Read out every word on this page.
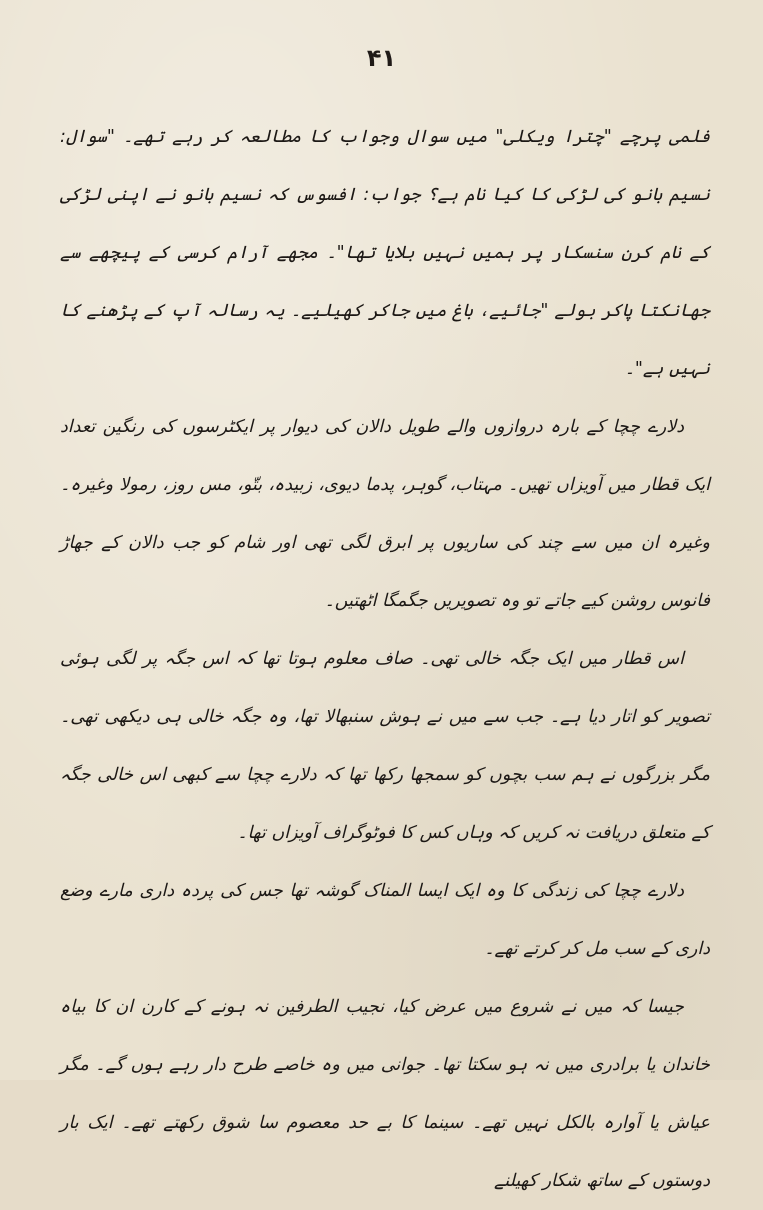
۴۱

فلمی پرچے "چترا ویکلی" میں سوال وجواب کا مطالعہ کر رہے تھے۔ "سوال: نسیم بانو کی لڑکی کا کیا نام ہے؟ جواب: افسوس کہ نسیم بانو نے اپنی لڑکی کے نام کرن سنسکار پر ہمیں نہیں بلایا تھا"۔ مجھے آرام کرسی کے پیچھے سے جھانکتا پاکر بولے "جائیے، باغ میں جاکر کھیلیے۔ یہ رسالہ آپ کے پڑھنے کا نہیں ہے"۔

دلارے چچا کے بارہ دروازوں والے طویل دالان کی دیوار پر ایکٹرسوں کی رنگین تعداد ایک قطار میں آویزاں تھیں۔ مہتاب، گوہر، پدما دیوی، زبیدہ، بتّو، مس روز، رمولا وغیرہ۔ وغیرہ ان میں سے چند کی ساریوں پر ابرق لگی تھی اور شام کو جب دالان کے جھاڑ فانوس روشن کیے جاتے تو وہ تصویریں جگمگا اٹھتیں۔

اس قطار میں ایک جگہ خالی تھی۔ صاف معلوم ہوتا تھا کہ اس جگہ پر لگی ہوئی تصویر کو اتار دیا ہے۔ جب سے میں نے ہوش سنبھالا تھا، وہ جگہ خالی ہی دیکھی تھی۔ مگر بزرگوں نے ہم سب بچوں کو سمجھا رکھا تھا کہ دلارے چچا سے کبھی اس خالی جگہ کے متعلق دریافت نہ کریں کہ وہاں کس کا فوٹوگراف آویزاں تھا۔

دلارے چچا کی زندگی کا وہ ایک ایسا المناک گوشہ تھا جس کی پردہ داری مارے وضع داری کے سب مل کر کرتے تھے۔

جیسا کہ میں نے شروع میں عرض کیا، نجیب الطرفین نہ ہونے کے کارن ان کا بیاہ خاندان یا برادری میں نہ ہو سکتا تھا۔ جوانی میں وہ خاصے طرح دار رہے ہوں گے۔ مگر عیاش یا آوارہ بالکل نہیں تھے۔ سینما کا بے حد معصوم سا شوق رکھتے تھے۔ ایک بار دوستوں کے ساتھ شکار کھیلنے
